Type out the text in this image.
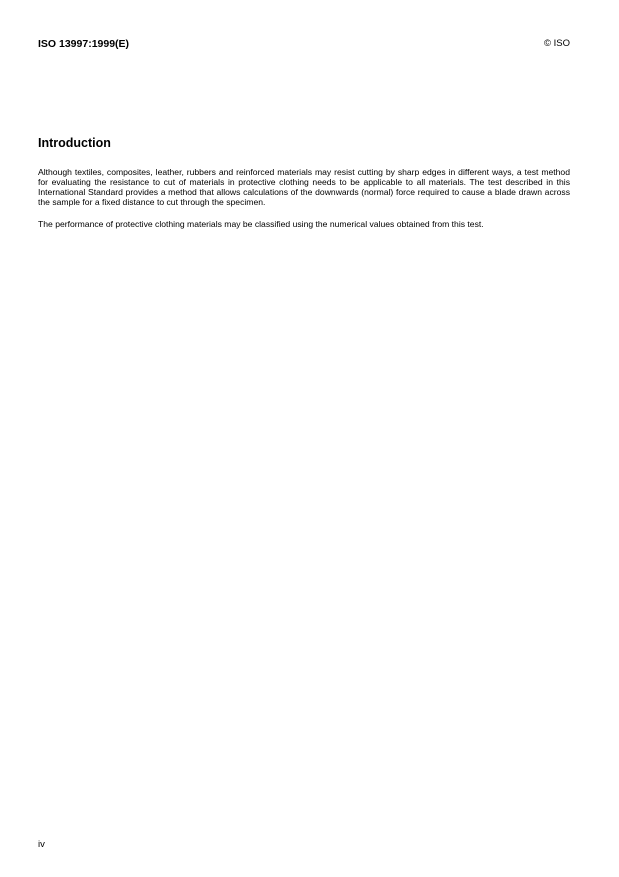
ISO 13997:1999(E)	© ISO
Introduction

Although textiles, composites, leather, rubbers and reinforced materials may resist cutting by sharp edges in different ways, a test method for evaluating the resistance to cut of materials in protective clothing needs to be applicable to all materials. The test described in this International Standard provides a method that allows calculations of the downwards (normal) force required to cause a blade drawn across the sample for a fixed distance to cut through the specimen.

The performance of protective clothing materials may be classified using the numerical values obtained from this test.

iv
